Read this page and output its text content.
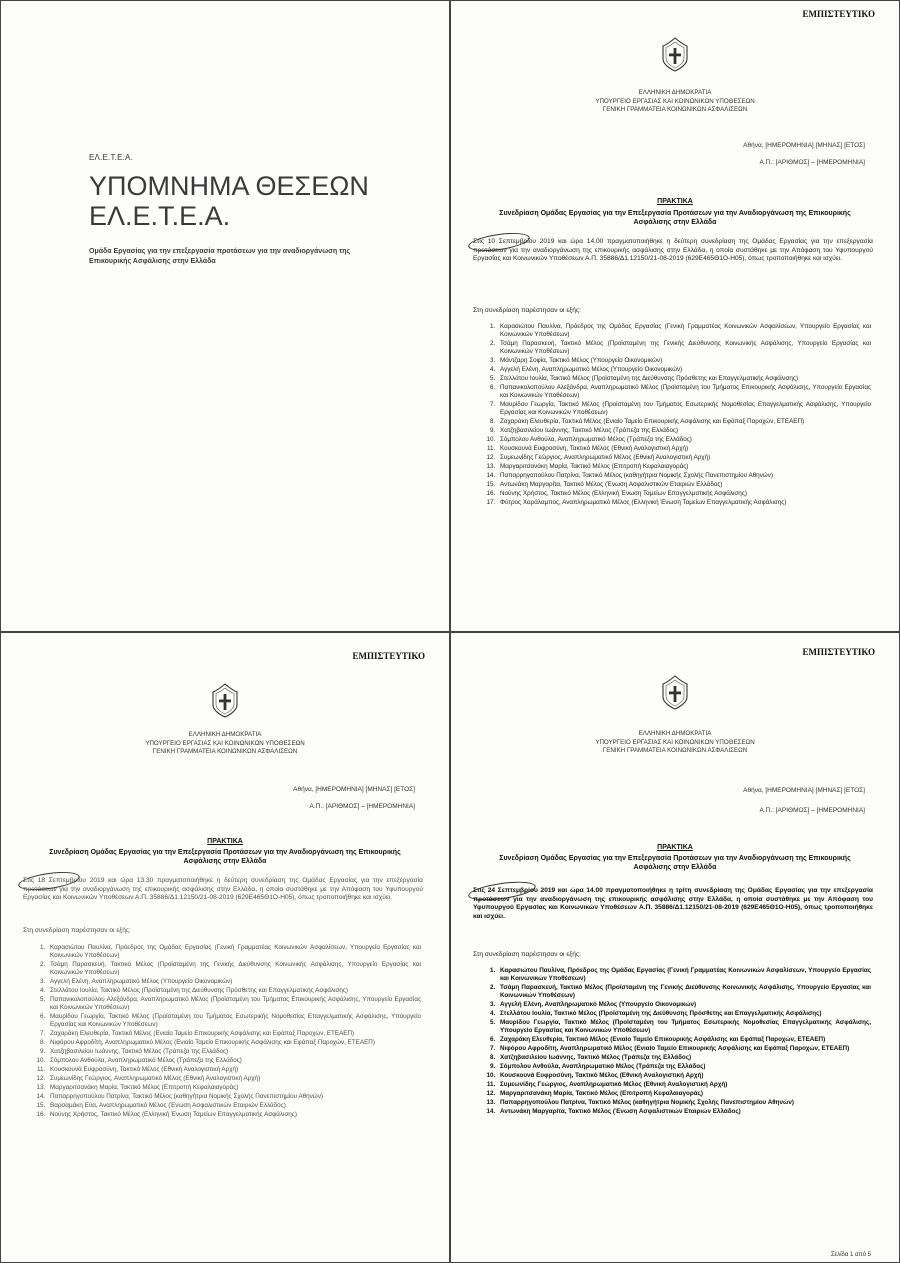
ΕΛ.Ε.Τ.Ε.Α.
ΥΠΟΜΝΗΜΑ ΘΕΣΕΩΝ
ΕΛ.Ε.Τ.Ε.Α.
Ομάδα Εργασίας για την επεξεργασία προτάσεων για την αναδιοργάνωση της Επικουρικής Ασφάλισης στην Ελλάδα
ΕΜΠΙΣΤΕΥΤΙΚΟ
ΕΛΛΗΝΙΚΗ ΔΗΜΟΚΡΑΤΙΑ
ΥΠΟΥΡΓΕΙΟ ΕΡΓΑΣΙΑΣ ΚΑΙ ΚΟΙΝΩΝΙΚΩΝ ΥΠΟΘΕΣΕΩΝ
ΓΕΝΙΚΗ ΓΡΑΜΜΑΤΕΙΑ ΚΟΙΝΩΝΙΚΩΝ ΑΣΦΑΛΙΣΕΩΝ
Αθήνα, [ΗΜΕΡΟΜΗΝΙΑ] [ΜΗΝΑΣ] [ΕΤΟΣ]
Α.Π.: [ΑΡΙΘΜΟΣ] – [ΗΜΕΡΟΜΗΝΙΑ]
ΠΡΑΚΤΙΚΑ
Συνεδρίαση Ομάδας Εργασίας για την Επεξεργασία Προτάσεων για την Αναδιοργάνωση της Επικουρικής Ασφάλισης στην Ελλάδα
Στις 10 Σεπτεμβρίου 2019 και ώρα 14.00 πραγματοποιήθηκε η δεύτερη συνεδρίαση της Ομάδας Εργασίας για την επεξεργασία προτάσεων για την αναδιοργάνωση της επικουρικής ασφάλισης στην Ελλάδα, η οποία συστάθηκε με την Απόφαση του Υφυπουργού Εργασίας και Κοινωνικών Υποθέσεων Α.Π. 35886/Δ1.12150/21-08-2019 (629Ε465Θ1Ο-Η05), όπως τροποποιήθηκε και ισχύει.
Στη συνεδρίαση παρέστησαν οι εξής:
1. Καρασιώτου Παυλίνα, Πρόεδρος της Ομάδας Εργασίας (Γενική Γραμματέας Κοινωνικών Ασφαλίσεων, Υπουργείο Εργασίας και Κοινωνικών Υποθέσεων)
2. Τσάμη Παρασκευή, Τακτικό Μέλος (Προϊσταμένη της Γενικής Διεύθυνσης Κοινωνικής Ασφάλισης, Υπουργείο Εργασίας και Κοινωνικών Υποθέσεων)
3. Μάντζαρη Σοφία, Τακτικό Μέλος (Υπουργείο Οικονομικών)
4. Αγγελή Ελένη, Αναπληρωματικό Μέλος (Υπουργείο Οικονομικών)
5. Στελλάτου Ιουλία, Τακτικό Μέλος (Προϊσταμένη της Διεύθυνσης Πρόσθετης και Επαγγελματικής Ασφάλισης)
6. Παπανικολοπούλου Αλεξάνδρα, Αναπληρωματικό Μέλος (Προϊσταμένη του Τμήματος Επικουρικής Ασφάλισης, Υπουργείο Εργασίας και Κοινωνικών Υποθέσεων)
7. Μαυρίδου Γεωργία, Τακτικό Μέλος (Προϊσταμένη του Τμήματος Εσωτερικής Νομοθεσίας Επαγγελματικής Ασφάλισης, Υπουργείο Εργασίας και Κοινωνικών Υποθέσεων)
8. Ζαχαράκη Ελευθερία, Τακτικό Μέλος (Ενιαίο Ταμείο Επικουρικής Ασφάλισης και Εφάπαξ Παροχών, ΕΤΕΑΕΠ)
9. Χατζηβασιλείου Ιωάννης, Τακτικό Μέλος (Τράπεζα της Ελλάδος)
10. Σόμπολου Ανθούλα, Αναπληρωματικό Μέλος (Τράπεζα της Ελλάδος)
11. Κουσκουνά Ευφροσύνη, Τακτικό Μέλος (Εθνική Αναλογιστική Αρχή)
12. Συμεωνίδης Γεώργιος, Αναπληρωματικό Μέλος (Εθνική Αναλογιστική Αρχή)
13. Μαργαριτσανάκη Μαρία, Τακτικό Μέλος (Επιτροπή Κεφαλαιαγοράς)
14. Παπαρρηγοπούλου Πατρίνα, Τακτικό Μέλος (καθηγήτρια Νομικής Σχολής Πανεπιστημίου Αθηνών)
15. Αντωνάκη Μαργαρίτα, Τακτικό Μέλος (Ένωση Ασφαλιστικών Εταιριών Ελλάδος)
16. Νούνης Χρήστος, Τακτικό Μέλος (Ελληνική Ένωση Ταμείων Επαγγελματικής Ασφάλισης)
17. Φύτρος Χαράλαμπος, Αναπληρωματικό Μέλος (Ελληνική Ένωση Ταμείων Επαγγελματικής Ασφάλισης)
ΕΜΠΙΣΤΕΥΤΙΚΟ
ΕΛΛΗΝΙΚΗ ΔΗΜΟΚΡΑΤΙΑ
ΥΠΟΥΡΓΕΙΟ ΕΡΓΑΣΙΑΣ ΚΑΙ ΚΟΙΝΩΝΙΚΩΝ ΥΠΟΘΕΣΕΩΝ
ΓΕΝΙΚΗ ΓΡΑΜΜΑΤΕΙΑ ΚΟΙΝΩΝΙΚΩΝ ΑΣΦΑΛΙΣΕΩΝ
Αθήνα, [ΗΜΕΡΟΜΗΝΙΑ] [ΜΗΝΑΣ] [ΕΤΟΣ]
Α.Π.: [ΑΡΙΘΜΟΣ] – [ΗΜΕΡΟΜΗΝΙΑ]
ΠΡΑΚΤΙΚΑ
Συνεδρίαση Ομάδας Εργασίας για την Επεξεργασία Προτάσεων για την Αναδιοργάνωση της Επικουρικής Ασφάλισης στην Ελλάδα
Στις 18 Σεπτεμβρίου 2019 και ώρα 13.30 πραγματοποιήθηκε η δεύτερη συνεδρίαση της Ομάδας Εργασίας για την επεξεργασία προτάσεων για την αναδιοργάνωση της επικουρικής ασφάλισης στην Ελλάδα, η οποία συστάθηκε με την Απόφαση του Υφυπουργού Εργασίας και Κοινωνικών Υποθέσεων Α.Π. 35886/Δ1.12150/21-08-2019 (629Ε465Θ1Ο-Η05), όπως τροποποιήθηκε και ισχύει.
Στη συνεδρίαση παρέστησαν οι εξής:
1. Καρασιώτου Παυλίνα, Πρόεδρος της Ομάδας Εργασίας (Γενική Γραμματέας Κοινωνικών Ασφαλίσεων, Υπουργείο Εργασίας και Κοινωνικών Υποθέσεων)
2. Τσάμη Παρασκευή, Τακτικό Μέλος (Προϊσταμένη της Γενικής Διεύθυνσης Κοινωνικής Ασφάλισης, Υπουργείο Εργασίας και Κοινωνικών Υποθέσεων)
3. Αγγελή Ελένη, Αναπληρωματικό Μέλος (Υπουργείο Οικονομικών)
4. Στελλάτου Ιουλία, Τακτικό Μέλος (Προϊσταμένη της Διεύθυνσης Πρόσθετης και Επαγγελματικής Ασφάλισης)
5. Παπανικολοπούλου Αλεξάνδρα, Αναπληρωματικό Μέλος (Προϊσταμένη του Τμήματος Επικουρικής Ασφάλισης, Υπουργείο Εργασίας και Κοινωνικών Υποθέσεων)
6. Μαυρίδου Γεωργία, Τακτικό Μέλος (Προϊσταμένη του Τμήματος Εσωτερικής Νομοθεσίας Επαγγελματικής Ασφάλισης, Υπουργείο Εργασίας και Κοινωνικών Υποθέσεων)
7. Ζαχαράκη Ελευθερία, Τακτικό Μέλος (Ενιαίο Ταμείο Επικουρικής Ασφάλισης και Εφάπαξ Παροχών, ΕΤΕΑΕΠ)
8. Νιφόρου Αφροδίτη, Αναπληρωματικό Μέλος (Ενιαίο Ταμείο Επικουρικής Ασφάλισης και Εφάπαξ Παροχών, ΕΤΕΑΕΠ)
9. Χατζηβασιλείου Ιωάννης, Τακτικό Μέλος (Τράπεζα της Ελλάδος)
10. Σόμπολου Ανθούλα, Αναπληρωματικό Μέλος (Τράπεζα της Ελλάδος)
11. Κουσκουνά Ευφροσύνη, Τακτικό Μέλος (Εθνική Αναλογιστική Αρχή)
12. Συμεωνίδης Γεώργιος, Αναπληρωματικό Μέλος (Εθνική Αναλογιστική Αρχή)
13. Μαργαριτσανάκη Μαρία, Τακτικό Μέλος (Επιτροπή Κεφαλαιαγοράς)
14. Παπαρρηγοπούλου Πατρίνα, Τακτικό Μέλος (καθηγήτρια Νομικής Σχολής Πανεπιστημίου Αθηνών)
15. Βαρσαμάκη Εύα, Αναπληρωματικό Μέλος (Ένωση Ασφαλιστικών Εταιριών Ελλάδος)
16. Νούνης Χρήστος, Τακτικό Μέλος (Ελληνική Ένωση Ταμείων Επαγγελματικής Ασφάλισης)
ΕΜΠΙΣΤΕΥΤΙΚΟ
ΕΛΛΗΝΙΚΗ ΔΗΜΟΚΡΑΤΙΑ
ΥΠΟΥΡΓΕΙΟ ΕΡΓΑΣΙΑΣ ΚΑΙ ΚΟΙΝΩΝΙΚΩΝ ΥΠΟΘΕΣΕΩΝ
ΓΕΝΙΚΗ ΓΡΑΜΜΑΤΕΙΑ ΚΟΙΝΩΝΙΚΩΝ ΑΣΦΑΛΙΣΕΩΝ
Αθήνα, [ΗΜΕΡΟΜΗΝΙΑ] [ΜΗΝΑΣ] [ΕΤΟΣ]
Α.Π.: [ΑΡΙΘΜΟΣ] – [ΗΜΕΡΟΜΗΝΙΑ]
ΠΡΑΚΤΙΚΑ
Συνεδρίαση Ομάδας Εργασίας για την Επεξεργασία Προτάσεων για την Αναδιοργάνωση της Επικουρικής Ασφάλισης στην Ελλάδα
Στις 24 Σεπτεμβρίου 2019 και ώρα 14.00 πραγματοποιήθηκε η τρίτη συνεδρίαση της Ομάδας Εργασίας για την επεξεργασία προτάσεων για την αναδιοργάνωση της επικουρικής ασφάλισης στην Ελλάδα, η οποία συστάθηκε με την Απόφαση του Υφυπουργού Εργασίας και Κοινωνικών Υποθέσεων Α.Π. 35886/Δ1.12150/21-08-2019 (629Ε465Θ1Ο-Η05), όπως τροποποιήθηκε και ισχύει.
Στη συνεδρίαση παρέστησαν οι εξής:
1. Καρασιώτου Παυλίνα, Πρόεδρος της Ομάδας Εργασίας (Γενική Γραμματέας Κοινωνικών Ασφαλίσεων, Υπουργείο Εργασίας και Κοινωνικών Υποθέσεων)
2. Τσάμη Παρασκευή, Τακτικό Μέλος (Προϊσταμένη της Γενικής Διεύθυνσης Κοινωνικής Ασφάλισης, Υπουργείο Εργασίας και Κοινωνικών Υποθέσεων)
3. Αγγελή Ελένη, Αναπληρωματικό Μέλος (Υπουργείο Οικονομικών)
4. Στελλάτου Ιουλία, Τακτικό Μέλος (Προϊσταμένη της Διεύθυνσης Πρόσθετης και Επαγγελματικής Ασφάλισης)
5. Μαυρίδου Γεωργία, Τακτικό Μέλος (Προϊσταμένη του Τμήματος Εσωτερικής Νομοθεσίας Επαγγελματικής Ασφάλισης, Υπουργείο Εργασίας και Κοινωνικών Υποθέσεων)
6. Ζαχαράκη Ελευθερία, Τακτικό Μέλος (Ενιαίο Ταμείο Επικουρικής Ασφάλισης και Εφάπαξ Παροχών, ΕΤΕΑΕΠ)
7. Νιφόρου Αφροδίτη, Αναπληρωματικό Μέλος (Ενιαίο Ταμείο Επικουρικής Ασφάλισης και Εφάπαξ Παροχών, ΕΤΕΑΕΠ)
8. Χατζηβασιλείου Ιωάννης, Τακτικό Μέλος (Τράπεζα της Ελλάδος)
9. Σόμπολου Ανθούλα, Αναπληρωματικό Μέλος (Τράπεζα της Ελλάδος)
10. Κουσκουνά Ευφροσύνη, Τακτικό Μέλος (Εθνική Αναλογιστική Αρχή)
11. Συμεωνίδης Γεώργιος, Αναπληρωματικό Μέλος (Εθνική Αναλογιστική Αρχή)
12. Μαργαριτσανάκη Μαρία, Τακτικό Μέλος (Επιτροπή Κεφαλαιαγοράς)
13. Παπαρρηγοπούλου Πατρίνα, Τακτικό Μέλος (καθηγήτρια Νομικής Σχολής Πανεπιστημίου Αθηνών)
14. Αντωνάκη Μαργαρίτα, Τακτικό Μέλος (Ένωση Ασφαλιστικών Εταιριών Ελλάδος)
Σελίδα 1 από 5
